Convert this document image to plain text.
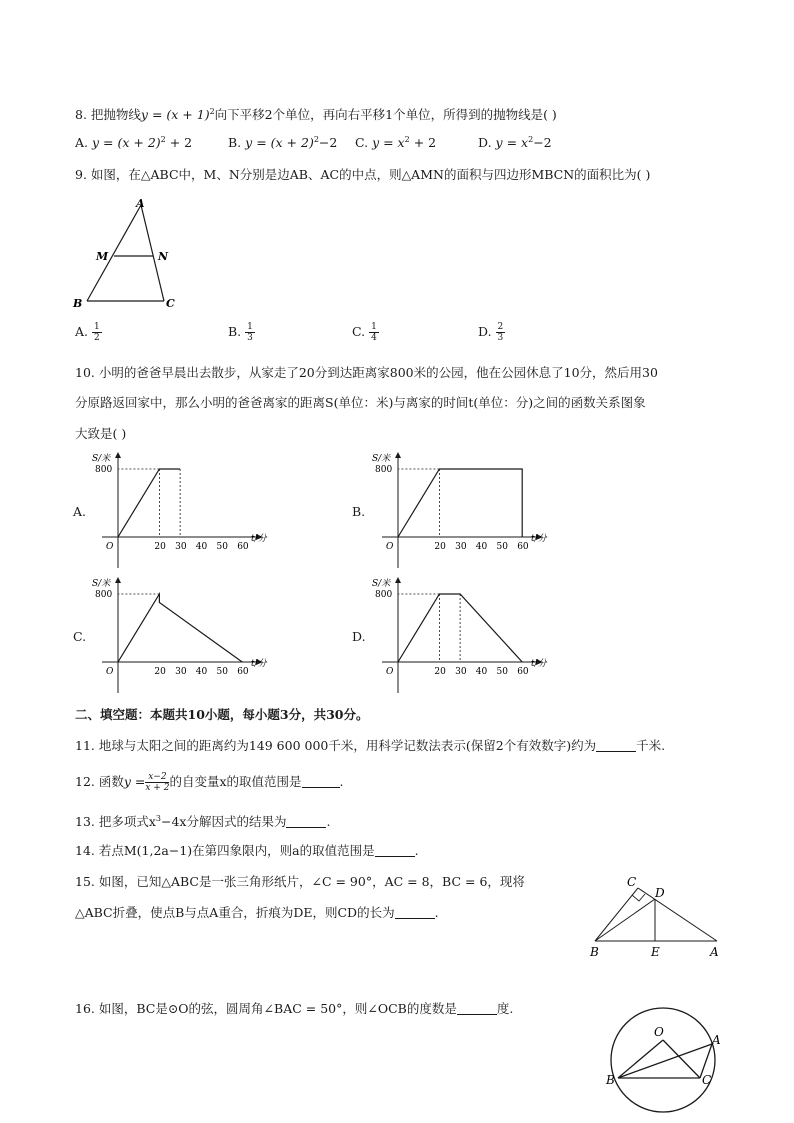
8. 把抛物线$y = (x + 1)^2$向下平移2个单位，再向右平移1个单位，所得到的抛物线是( )
A. $y = (x + 2)^2 + 2$	B. $y = (x + 2)^2-2$ C. $y = x^2 + 2$	D. $y = x^2-2$
9. 如图，在△ABC中，M、N分别是边AB、AC的中点，则△AMN的面积与四边形MBCN的面积比为( )
A
M	N
B	C
A. $\frac{1}{2}$	B. $\frac{1}{3}$	C. $\frac{1}{4}$	D. $\frac{2}{3}$
10. 小明的爸爸早晨出去散步，从家走了20分到达距离家800米的公园，他在公园休息了10分，然后用30
分原路返回家中，那么小明的爸爸离家的距离S(单位：米)与离家的时间t(单位：分)之间的函数关系图象
大致是( )
A.	B.
C.	D.
S/米
800
O
t/分
20 30 40 50 60
S/米
800
O
t/分
20 30 40 50 60
S/米
800
O
t/分
20 30 40 50 60
S/米
800
O
t/分
20 30 40 50 60
二、填空题：本题共10小题，每小题3分，共30分。
11. 地球与太阳之间的距离约为149 600 000千米，用科学记数法表示(保留2个有效数字)约为	千米.
12. 函数$y = \frac{x-2}{x + 2}$ 的自变量x的取值范围是	.
13. 把多项式$x^3-4x$分解因式的结果为	.
14. 若点M(1,2a−1)在第四象限内，则a的取值范围是	.
15. 如图，已知△ABC是一张三角形纸片，∠C = 90°，AC = 8，BC = 6，现将
△ABC折叠，使点B与点A重合，折痕为DE，则CD的长为	.
C
D
B	E	A
16. 如图，BC是⊙O的弦，圆周角∠BAC = 50°，则∠OCB的度数是	度.
O
A
B	C
